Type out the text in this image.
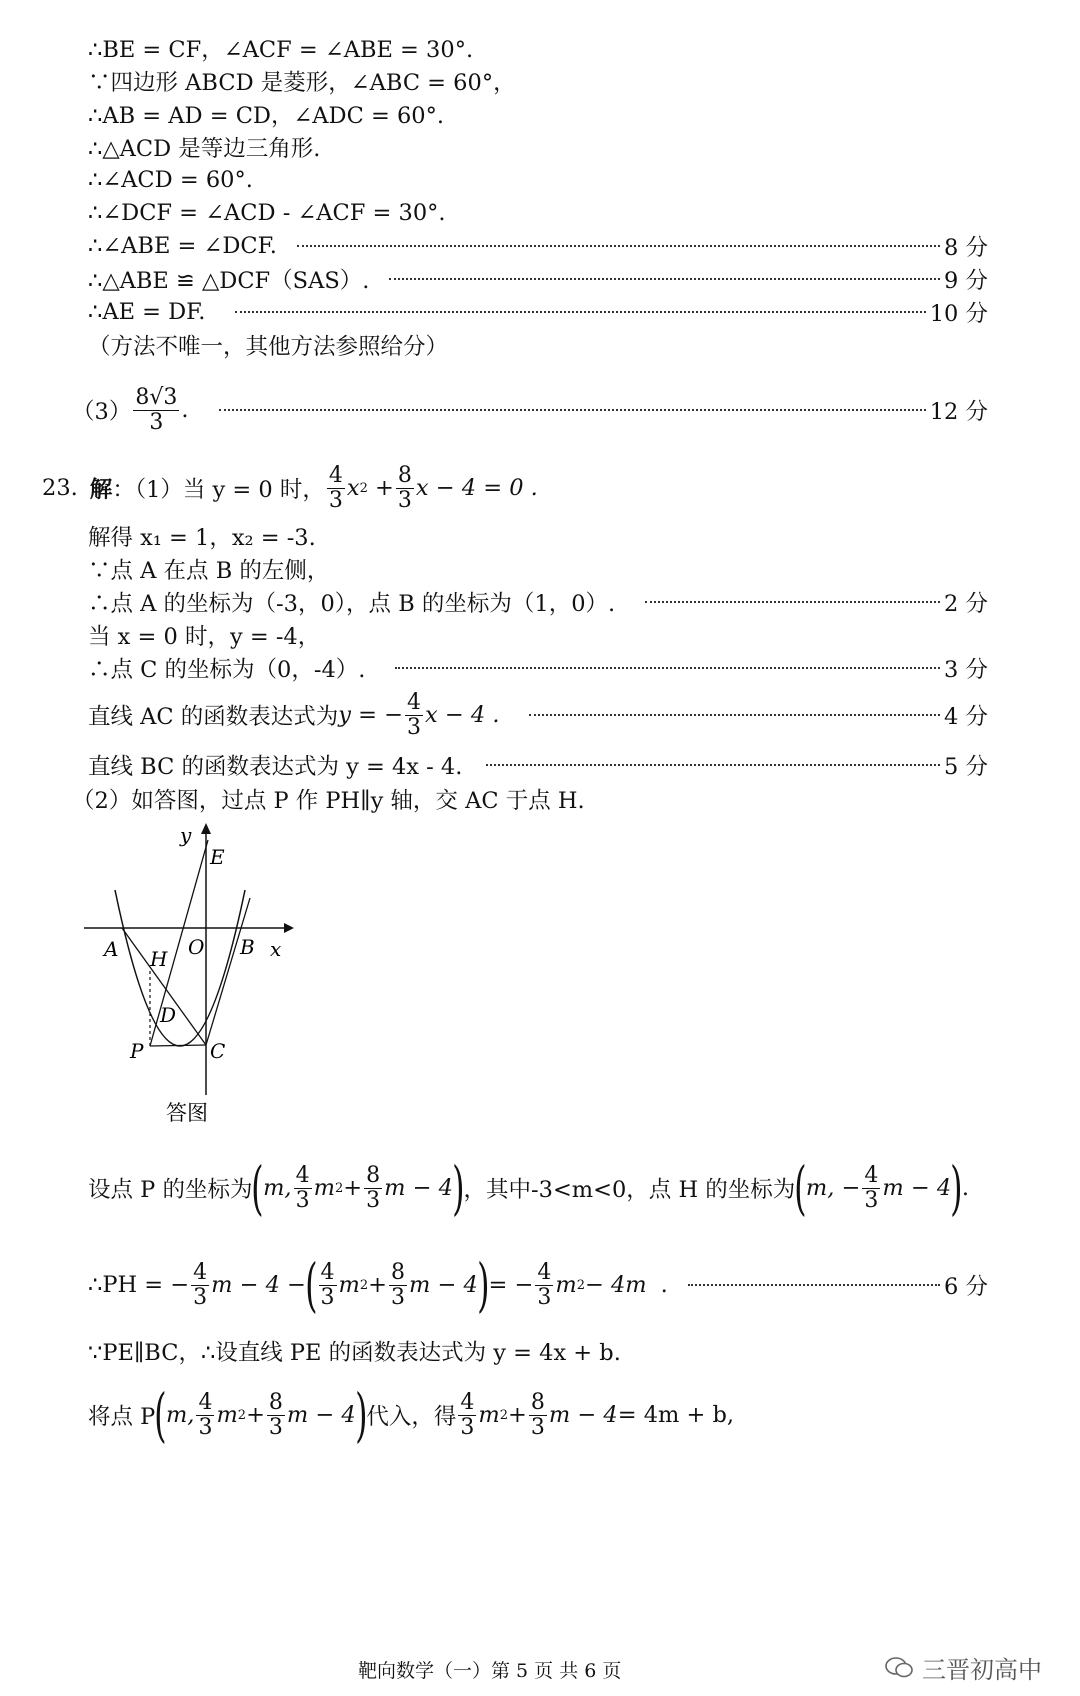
∴BE = CF，∠ACF = ∠ABE = 30°.
∵四边形 ABCD 是菱形，∠ABC = 60°，
∴AB = AD = CD，∠ADC = 60°.
∴△ACD 是等边三角形.
∴∠ACD = 60°.
∴∠DCF = ∠ACD - ∠ACF = 30°.
∴∠ABE = ∠DCF.	8 分
∴△ABE ≌ △DCF（SAS）.	9 分
∴AE = DF.	10 分
（方法不唯一，其他方法参照给分）
$(3) \frac{8√3}{3}$ .	12 分
23. 解 ：（1）当 y = 0 时， $\frac{4}{3}$ x $2 + \frac{8}{3}$ x − 4 = 0 .
解得 x₁ = 1，x₂ = -3.
∵点 A 在点 B 的左侧，
∴点 A 的坐标为（-3，0），点 B 的坐标为（1，0）.	2 分
当 x = 0 时，y = -4，
∴点 C 的坐标为（0，-4）.	3 分
直线 AC 的函数表达式为 y = − $\frac{4}{3}$ x − 4 .	4 分
直线 BC 的函数表达式为 y = 4x - 4.	5 分
（2）如答图，过点 P 作 PH∥y 轴，交 AC 于点 H.
y
E
A H O B x
D
P	C
答图
设点 P 的坐标为 ( m, $\frac{4}{3}$ m $2 + \frac{8}{3}$ m − 4 ) ，其中-3<m<0，点 H 的坐标为 ( m, − $\frac{4}{3}$ m − 4 ) .
∴PH = − $\frac{4}{3}$ m − 4 − ( $\frac{4}{3}$ m $2 + \frac{8}{3}$ m − 4 ) = − $\frac{4}{3}$ m 2 − 4m .	6 分
∵PE∥BC，∴设直线 PE 的函数表达式为 y = 4x + b.
将点 P ( m, $\frac{4}{3}$ m $2 + \frac{8}{3}$ m − 4 ) 代入，得 $\frac{4}{3}$ m $2 + \frac{8}{3}$ m − 4 = 4m + b,
靶向数学（一）第 5 页 共 6 页	三晋初高中
